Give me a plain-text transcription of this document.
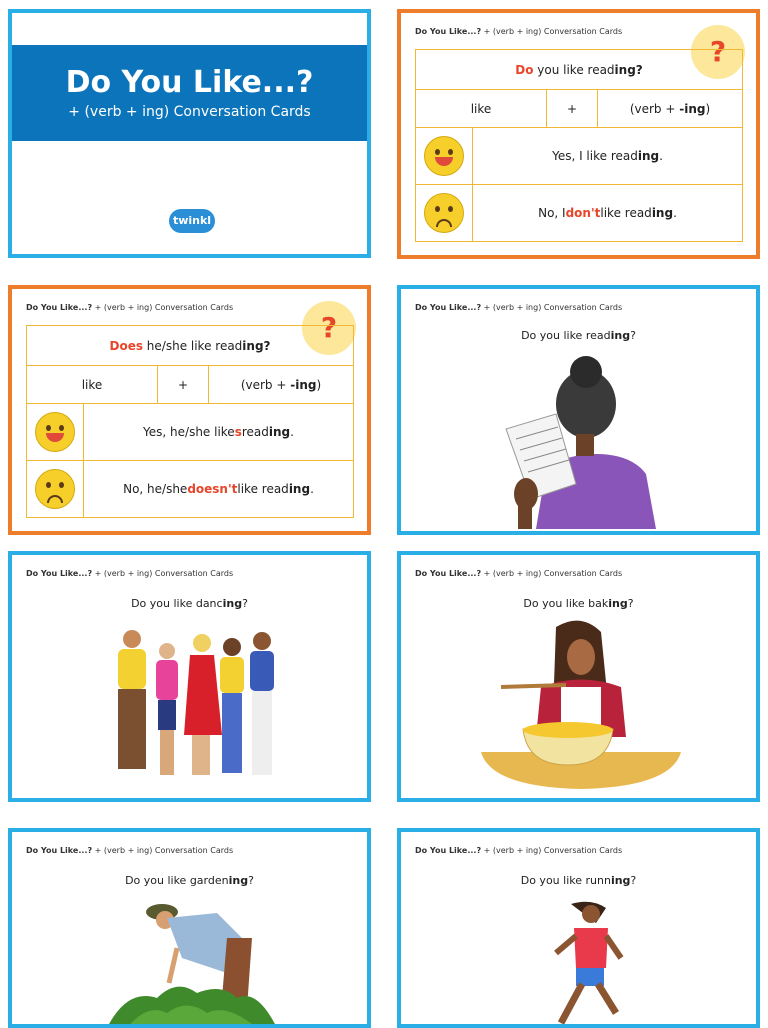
Do You Like...?
+ (verb + ing) Conversation Cards
twinkl
Do You Like...? + (verb + ing) Conversation Cards
?
Do you like reading?
like	+	(verb + -ing)

Yes, I like read ing .

No, I don't like read ing .
Do You Like...? + (verb + ing) Conversation Cards
?
Does he/she like reading?
like	+	(verb + -ing)

Yes, he/she like s read ing .

No, he/she doesn't like read ing .
Do You Like...? + (verb + ing) Conversation Cards
Do you like reading?
Do You Like...? + (verb + ing) Conversation Cards
Do you like dancing?
Do You Like...? + (verb + ing) Conversation Cards
Do you like baking?
Do You Like...? + (verb + ing) Conversation Cards
Do you like gardening?
Do You Like...? + (verb + ing) Conversation Cards
Do you like running?
